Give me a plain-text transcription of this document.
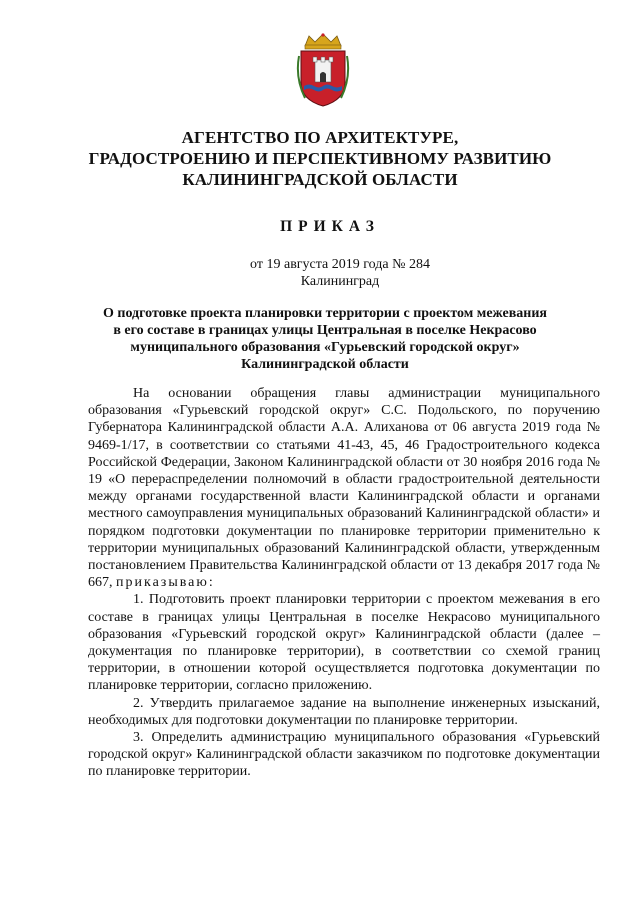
АГЕНТСТВО ПО АРХИТЕКТУРЕ,
ГРАДОСТРОЕНИЮ И ПЕРСПЕКТИВНОМУ РАЗВИТИЮ
КАЛИНИНГРАДСКОЙ ОБЛАСТИ
ПРИКАЗ
от 19 августа 2019 года № 284
Калининград
О подготовке проекта планировки территории с проектом межевания
в его составе в границах улицы Центральная в поселке Некрасово
муниципального образования «Гурьевский городской округ»
Калининградской области

На основании обращения главы администрации муниципального образования «Гурьевский городской округ» С.С. Подольского, по поручению Губернатора Калининградской области А.А. Алиханова от 06 августа 2019 года № 9469-1/17, в соответствии со статьями 41-43, 45, 46 Градостроительного кодекса Российской Федерации, Законом Калининградской области от 30 ноября 2016 года № 19 «О перераспределении полномочий в области градостроительной деятельности между органами государственной власти Калининградской области и органами местного самоуправления муниципальных образований Калининградской области» и порядком подготовки документации по планировке территории применительно к территории муниципальных образований Калининградской области, утвержденным постановлением Правительства Калининградской области от 13 декабря 2017 года № 667, приказываю:

1. Подготовить проект планировки территории с проектом межевания в его составе в границах улицы Центральная в поселке Некрасово муниципального образования «Гурьевский городской округ» Калининградской области (далее – документация по планировке территории), в соответствии со схемой границ территории, в отношении которой осуществляется подготовка документации по планировке территории, согласно приложению.

2. Утвердить прилагаемое задание на выполнение инженерных изысканий, необходимых для подготовки документации по планировке территории.

3. Определить администрацию муниципального образования «Гурьевский городской округ» Калининградской области заказчиком по подготовке документации по планировке территории.
